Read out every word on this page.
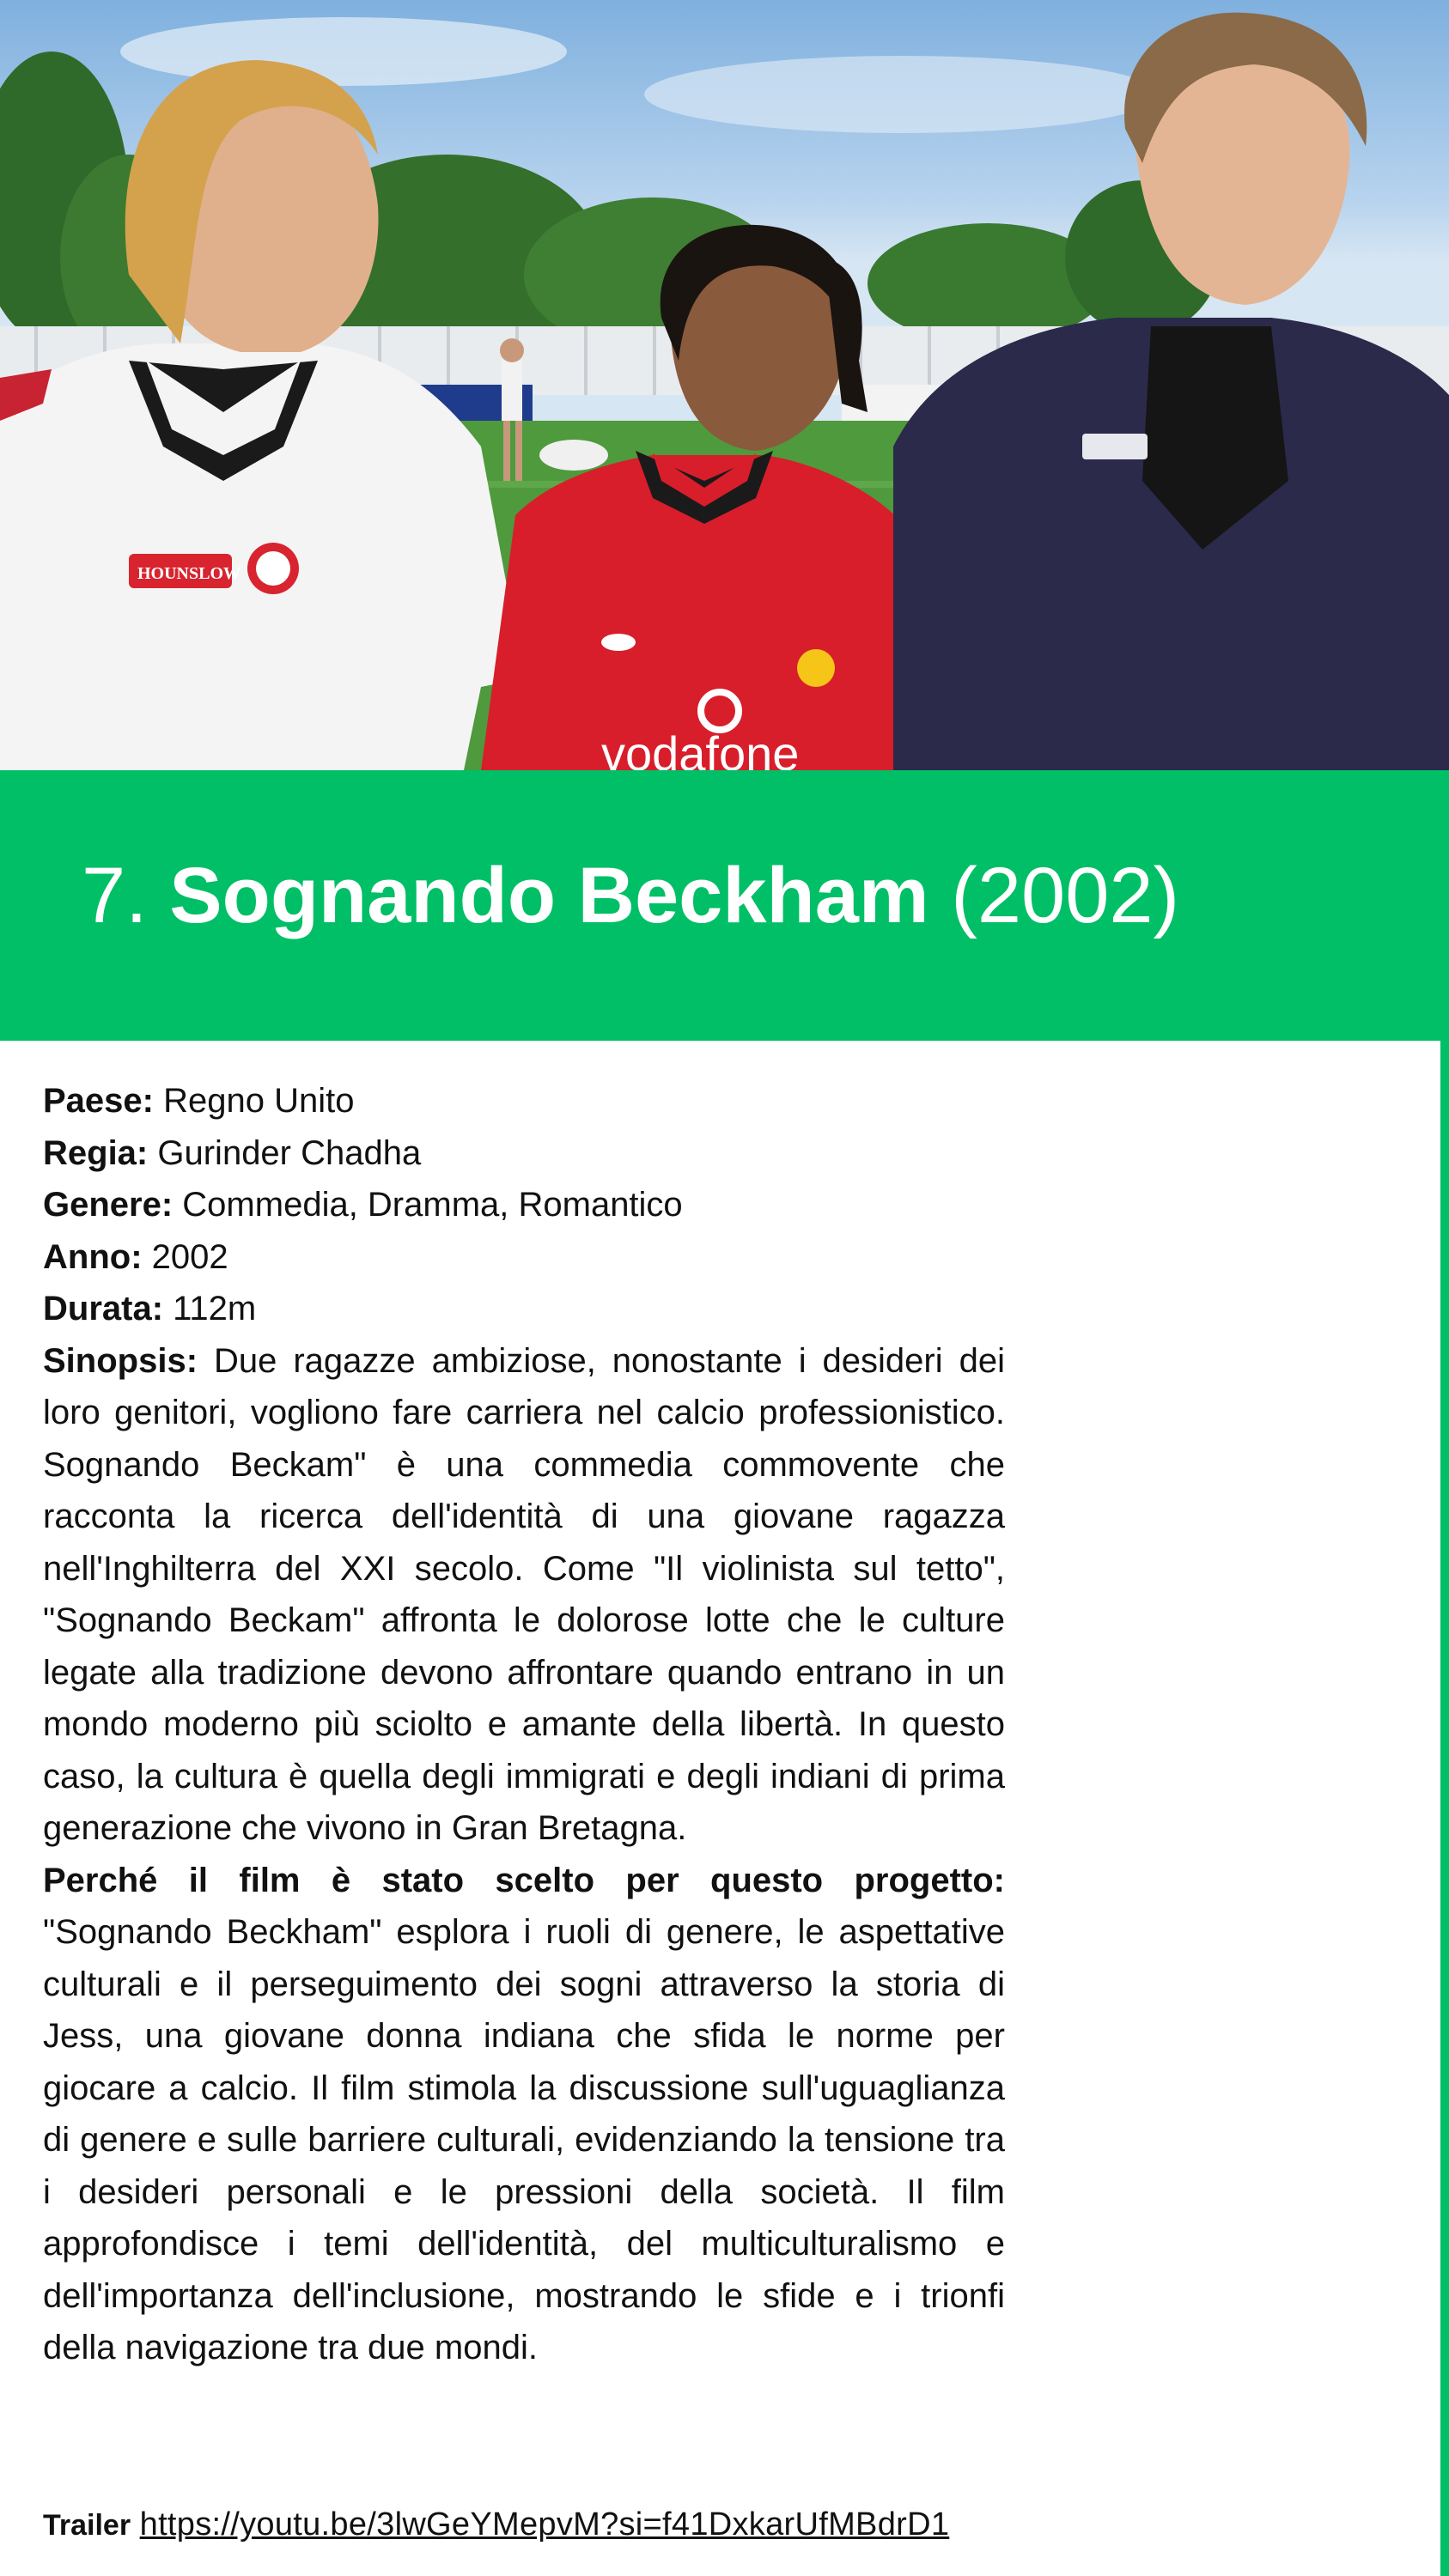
HOUNSLOW
vodafone
7. Sognando Beckham (2002)

Paese: Regno Unito

Regia: Gurinder Chadha

Genere: Commedia, Dramma, Romantico

Anno: 2002

Durata: 112m

Sinopsis: Due ragazze ambiziose, nonostante i desideri dei loro genitori, vogliono fare carriera nel calcio professionistico. Sognando Beckam" è una commedia commovente che racconta la ricerca dell'identità di una giovane ragazza nell'Inghilterra del XXI secolo. Come "Il violinista sul tetto", "Sognando Beckam" affronta le dolorose lotte che le culture legate alla tradizione devono affrontare quando entrano in un mondo moderno più sciolto e amante della libertà. In questo caso, la cultura è quella degli immigrati e degli indiani di prima generazione che vivono in Gran Bretagna.

Perché il film è stato scelto per questo progetto: "Sognando Beckham" esplora i ruoli di genere, le aspettative culturali e il perseguimento dei sogni attraverso la storia di Jess, una giovane donna indiana che sfida le norme per giocare a calcio. Il film stimola la discussione sull'uguaglianza di genere e sulle barriere culturali, evidenziando la tensione tra i desideri personali e le pressioni della società. Il film approfondisce i temi dell'identità, del multiculturalismo e dell'importanza dell'inclusione, mostrando le sfide e i trionfi della navigazione tra due mondi.

Trailer https://youtu.be/3lwGeYMepvM?si=f41DxkarUfMBdrD1
